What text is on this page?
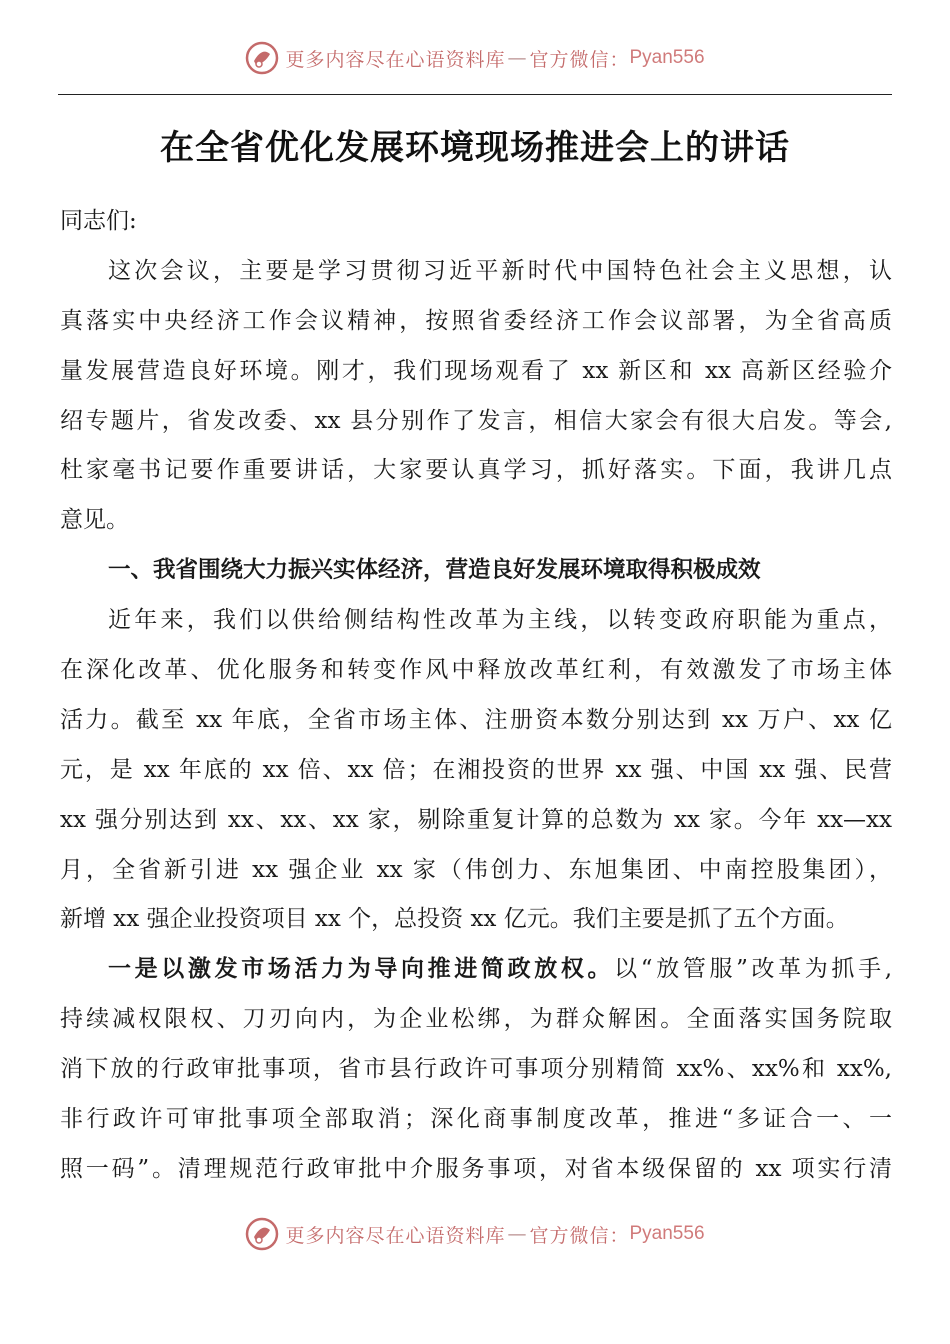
更多内容尽在心语资料库 — 官方微信： Pyan556
在全省优化发展环境现场推进会上的讲话
同志们:
这次会议，主要是学习贯彻习近平新时代中国特色社会主义思想，认
真落实中央经济工作会议精神，按照省委经济工作会议部署，为全省高质
量发展营造良好环境。刚才，我们现场观看了 xx 新区和 xx 高新区经验介
绍专题片，省发改委、xx 县分别作了发言，相信大家会有很大启发。等会,
杜家毫书记要作重要讲话，大家要认真学习，抓好落实。下面，我讲几点
意见。
一、我省围绕大力振兴实体经济，营造良好发展环境取得积极成效
近年来，我们以供给侧结构性改革为主线，以转变政府职能为重点，
在深化改革、优化服务和转变作风中释放改革红利，有效激发了市场主体
活力。截至 xx 年底，全省市场主体、注册资本数分别达到 xx 万户、xx 亿
元，是 xx 年底的 xx 倍、xx 倍；在湘投资的世界 xx 强、中国 xx 强、民营
xx 强分别达到 xx、xx、xx 家，剔除重复计算的总数为 xx 家。今年 xx—xx
月，全省新引进 xx 强企业 xx 家（伟创力、东旭集团、中南控股集团），
新增 xx 强企业投资项目 xx 个，总投资 xx 亿元。我们主要是抓了五个方面。
一是以激发市场活力为导向推进简政放权。以“放管服”改革为抓手,
持续减权限权、刀刃向内，为企业松绑，为群众解困。全面落实国务院取
消下放的行政审批事项，省市县行政许可事项分别精简 xx%、xx%和 xx%,
非行政许可审批事项全部取消；深化商事制度改革，推进“多证合一、一
照一码”。清理规范行政审批中介服务事项，对省本级保留的 xx 项实行清
更多内容尽在心语资料库 — 官方微信： Pyan556
